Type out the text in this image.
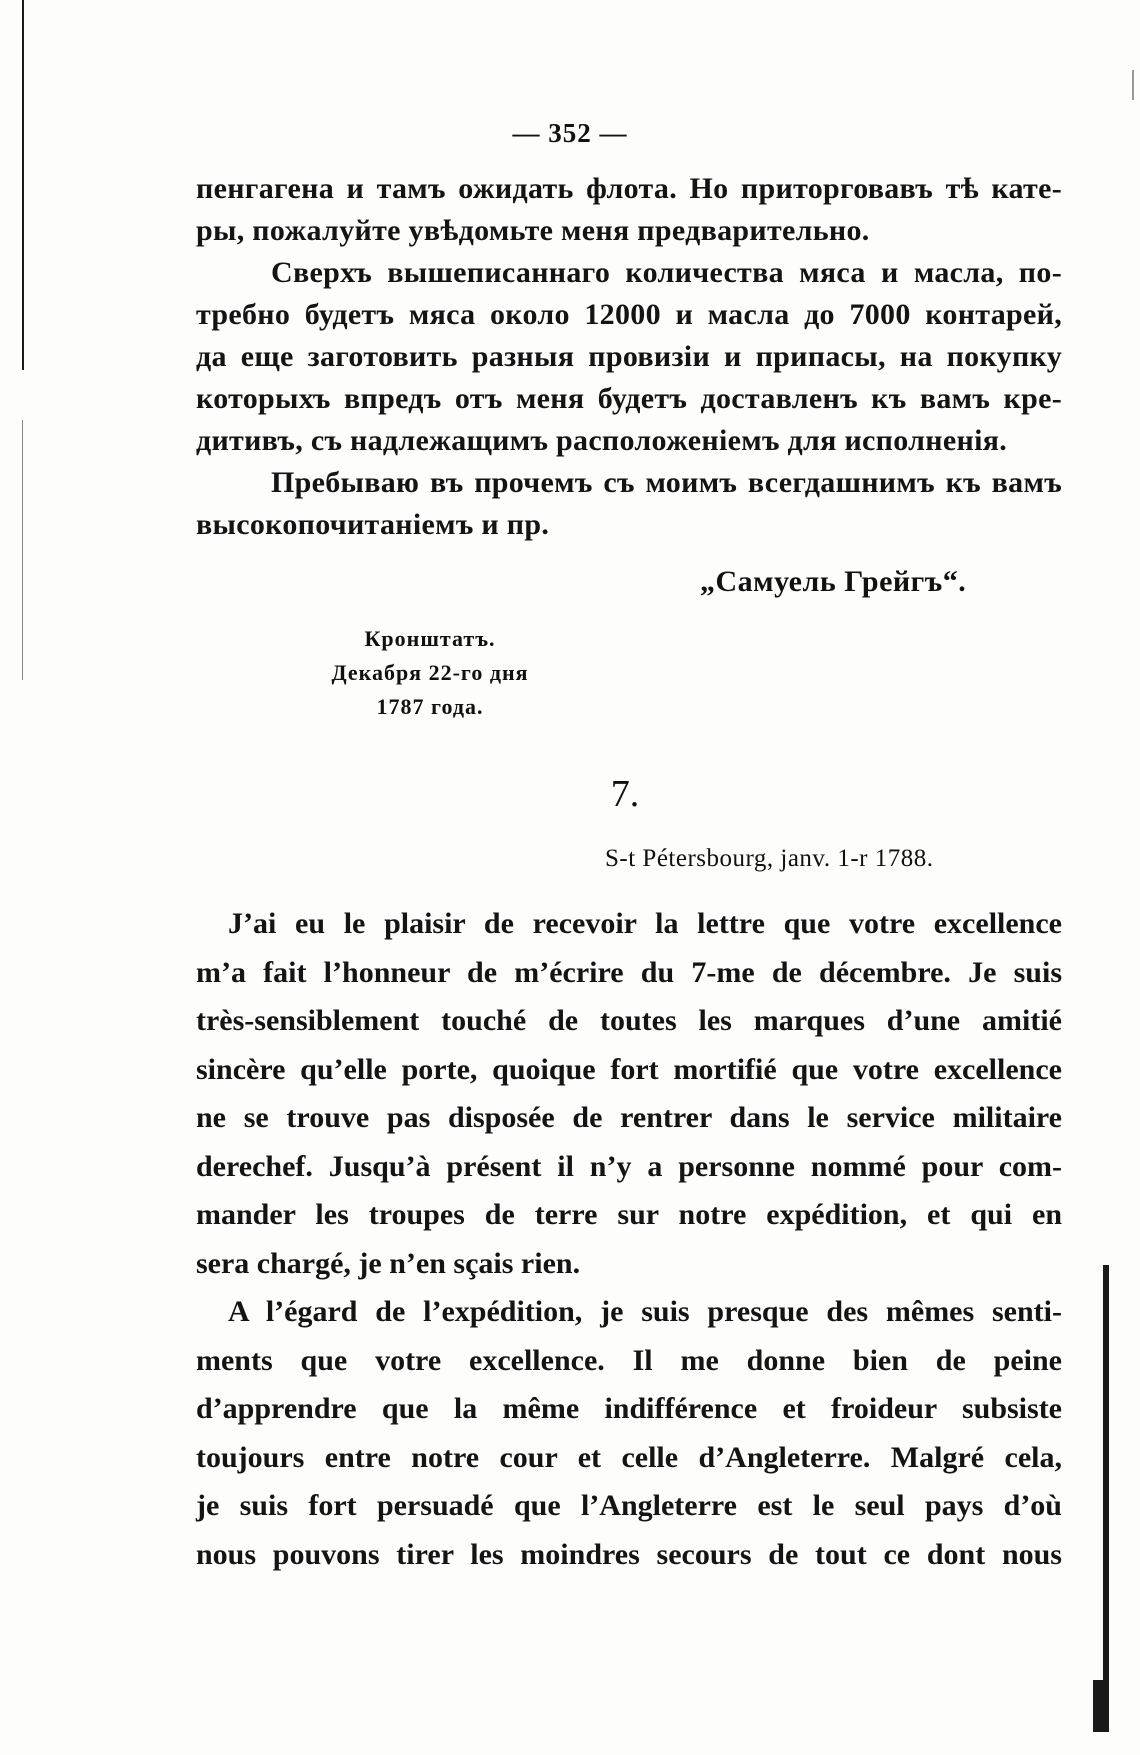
— 352 —

пенгагена и тамъ ожидать флота. Но приторговавъ тѣ кате-
ры, пожалуйте увѣдомьте меня предварительно.

Сверхъ вышеписаннаго количества мяса и масла, по-
требно будетъ мяса около 12000 и масла до 7000 контарей,
да еще заготовить разныя провизіи и припасы, на покупку
которыхъ впредъ отъ меня будетъ доставленъ къ вамъ кре-
дитивъ, съ надлежащимъ расположеніемъ для исполненія.

Пребываю въ прочемъ съ моимъ всегдашнимъ къ вамъ
высокопочитаніемъ и пр.

„Самуель Грейгъ“.
Кронштатъ.
Декабря 22-го дня
1787 года.
7.
S-t Pétersbourg, janv. 1-r 1788.
J’ai eu le plaisir de recevoir la lettre que votre excellence
m’a fait l’honneur de m’écrire du 7-me de décembre. Je suis
très-sensiblement touché de toutes les marques d’une amitié
sincère qu’elle porte, quoique fort mortifié que votre excellence
ne se trouve pas disposée de rentrer dans le service militaire
derechef. Jusqu’à présent il n’y a personne nommé pour com-
mander les troupes de terre sur notre expédition, et qui en
sera chargé, je n’en sçais rien.
A l’égard de l’expédition, je suis presque des mêmes senti-
ments que votre excellence. Il me donne bien de peine
d’apprendre que la même indifférence et froideur subsiste
toujours entre notre cour et celle d’Angleterre. Malgré cela,
je suis fort persuadé que l’Angleterre est le seul pays d’où
nous pouvons tirer les moindres secours de tout ce dont nous
